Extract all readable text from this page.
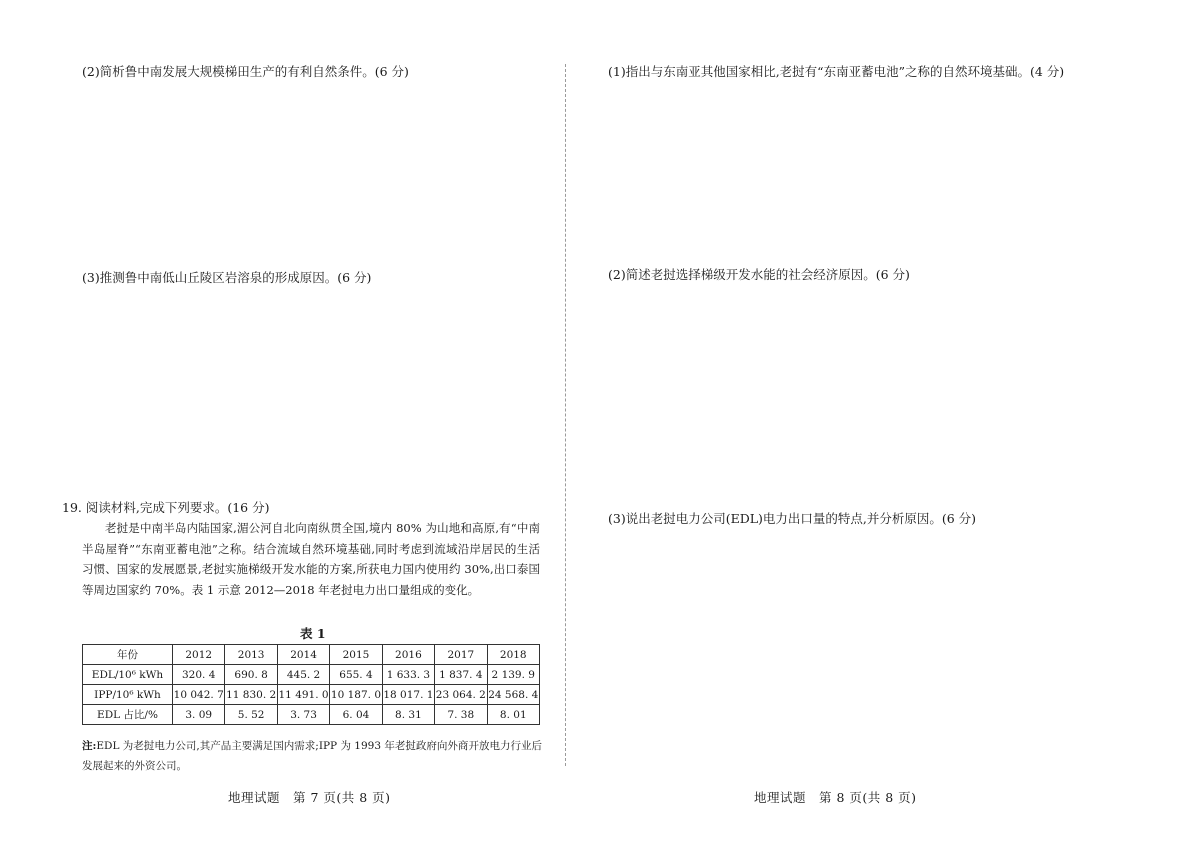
(2)简析鲁中南发展大规模梯田生产的有利自然条件。(6 分)
(3)推测鲁中南低山丘陵区岩溶泉的形成原因。(6 分)
19. 阅读材料,完成下列要求。(16 分)

老挝是中南半岛内陆国家,湄公河自北向南纵贯全国,境内 80% 为山地和高原,有“中南半岛屋脊”“东南亚蓄电池”之称。结合流域自然环境基础,同时考虑到流域沿岸居民的生活习惯、国家的发展愿景,老挝实施梯级开发水能的方案,所获电力国内使用约 30%,出口泰国等周边国家约 70%。表 1 示意 2012—2018 年老挝电力出口量组成的变化。

表 1
年份	2012	2013	2014	2015	2016	2017	2018
EDL/10⁶ kWh	320. 4	690. 8	445. 2	655. 4	1 633. 3	1 837. 4	2 139. 9
IPP/10⁶ kWh	10 042. 7	11 830. 2	11 491. 0	10 187. 0	18 017. 1	23 064. 2	24 568. 4
EDL 占比/%	3. 09	5. 52	3. 73	6. 04	8. 31	7. 38	8. 01
注:EDL 为老挝电力公司,其产品主要满足国内需求;IPP 为 1993 年老挝政府向外商开放电力行业后发展起来的外资公司。
地理试题　第 7 页(共 8 页)
(1)指出与东南亚其他国家相比,老挝有“东南亚蓄电池”之称的自然环境基础。(4 分)
(2)简述老挝选择梯级开发水能的社会经济原因。(6 分)
(3)说出老挝电力公司(EDL)电力出口量的特点,并分析原因。(6 分)
地理试题　第 8 页(共 8 页)
